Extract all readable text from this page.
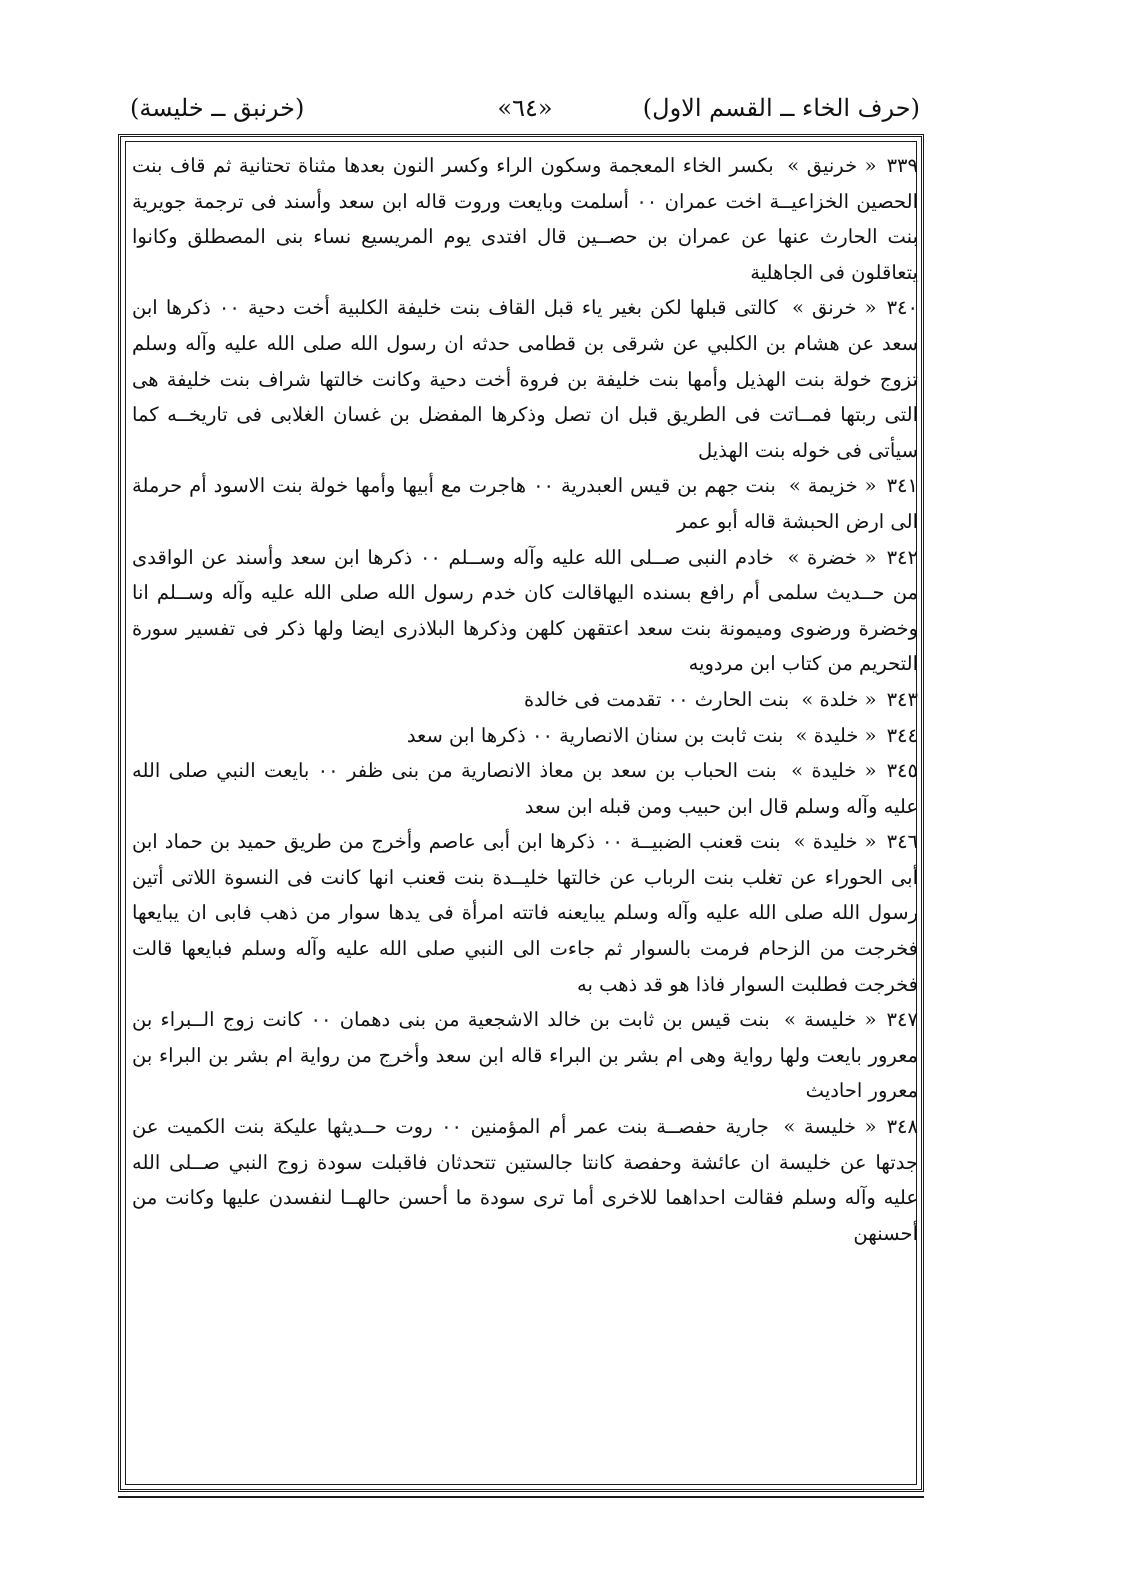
(حرف الخاء ــ القسم الاول)
«٦٤»
(خرنبق ــ خليسة)

٣٣٩« خرنيق » بكسر الخاء المعجمة وسكون الراء وكسر النون بعدها مثناة تحتانية ثم قاف بنت الحصين الخزاعيــة اخت عمران ٠٠ أسلمت وبايعت وروت قاله ابن سعد وأسند فى ترجمة جويرية بنت الحارث عنها عن عمران بن حصــين قال افتدى يوم المريسيع نساء بنى المصطلق وكانوا يتعاقلون فى الجاهلية

٣٤٠« خرنق » كالتى قبلها لكن بغير ياء قبل القاف بنت خليفة الكلبية أخت دحية ٠٠ ذكرها ابن سعد عن هشام بن الكلبي عن شرقى بن قطامى حدثه ان رسول الله صلى الله عليه وآله وسلم تزوج خولة بنت الهذيل وأمها بنت خليفة بن فروة أخت دحية وكانت خالتها شراف بنت خليفة هى التى ربتها فمــاتت فى الطريق قبل ان تصل وذكرها المفضل بن غسان الغلابى فى تاريخــه كما سيأتى فى خوله بنت الهذيل

٣٤١« خزيمة » بنت جهم بن قيس العبدرية ٠٠ هاجرت مع أبيها وأمها خولة بنت الاسود أم حرملة الى ارض الحبشة قاله أبو عمر

٣٤٢« خضرة » خادم النبى صــلى الله عليه وآله وســلم ٠٠ ذكرها ابن سعد وأسند عن الواقدى من حــديث سلمى أم رافع بسنده اليهاقالت كان خدم رسول الله صلى الله عليه وآله وســلم انا وخضرة ورضوى وميمونة بنت سعد اعتقهن كلهن وذكرها البلاذرى ايضا ولها ذكر فى تفسير سورة التحريم من كتاب ابن مردويه

٣٤٣« خلدة » بنت الحارث ٠٠ تقدمت فى خالدة

٣٤٤« خليدة » بنت ثابت بن سنان الانصارية ٠٠ ذكرها ابن سعد

٣٤٥« خليدة » بنت الحباب بن سعد بن معاذ الانصارية من بنى ظفر ٠٠ بايعت النبي صلى الله عليه وآله وسلم قال ابن حبيب ومن قبله ابن سعد

٣٤٦« خليدة » بنت قعنب الضبيــة ٠٠ ذكرها ابن أبى عاصم وأخرج من طريق حميد بن حماد ابن أبى الحوراء عن تغلب بنت الرباب عن خالتها خليــدة بنت قعنب انها كانت فى النسوة اللاتى أتين رسول الله صلى الله عليه وآله وسلم يبايعنه فاتته امرأة فى يدها سوار من ذهب فابى ان يبايعها فخرجت من الزحام فرمت بالسوار ثم جاءت الى النبي صلى الله عليه وآله وسلم فبايعها قالت فخرجت فطلبت السوار فاذا هو قد ذهب به

٣٤٧« خليسة » بنت قيس بن ثابت بن خالد الاشجعية من بنى دهمان ٠٠ كانت زوج الــبراء بن معرور بايعت ولها رواية وهى ام بشر بن البراء قاله ابن سعد وأخرج من رواية ام بشر بن البراء بن معرور احاديث

٣٤٨« خليسة » جارية حفصــة بنت عمر أم المؤمنين ٠٠ روت حــديثها عليكة بنت الكميت عن جدتها عن خليسة ان عائشة وحفصة كانتا جالستين تتحدثان فاقبلت سودة زوج النبي صــلى الله عليه وآله وسلم فقالت احداهما للاخرى أما ترى سودة ما أحسن حالهــا لنفسدن عليها وكانت من أحسنهن
